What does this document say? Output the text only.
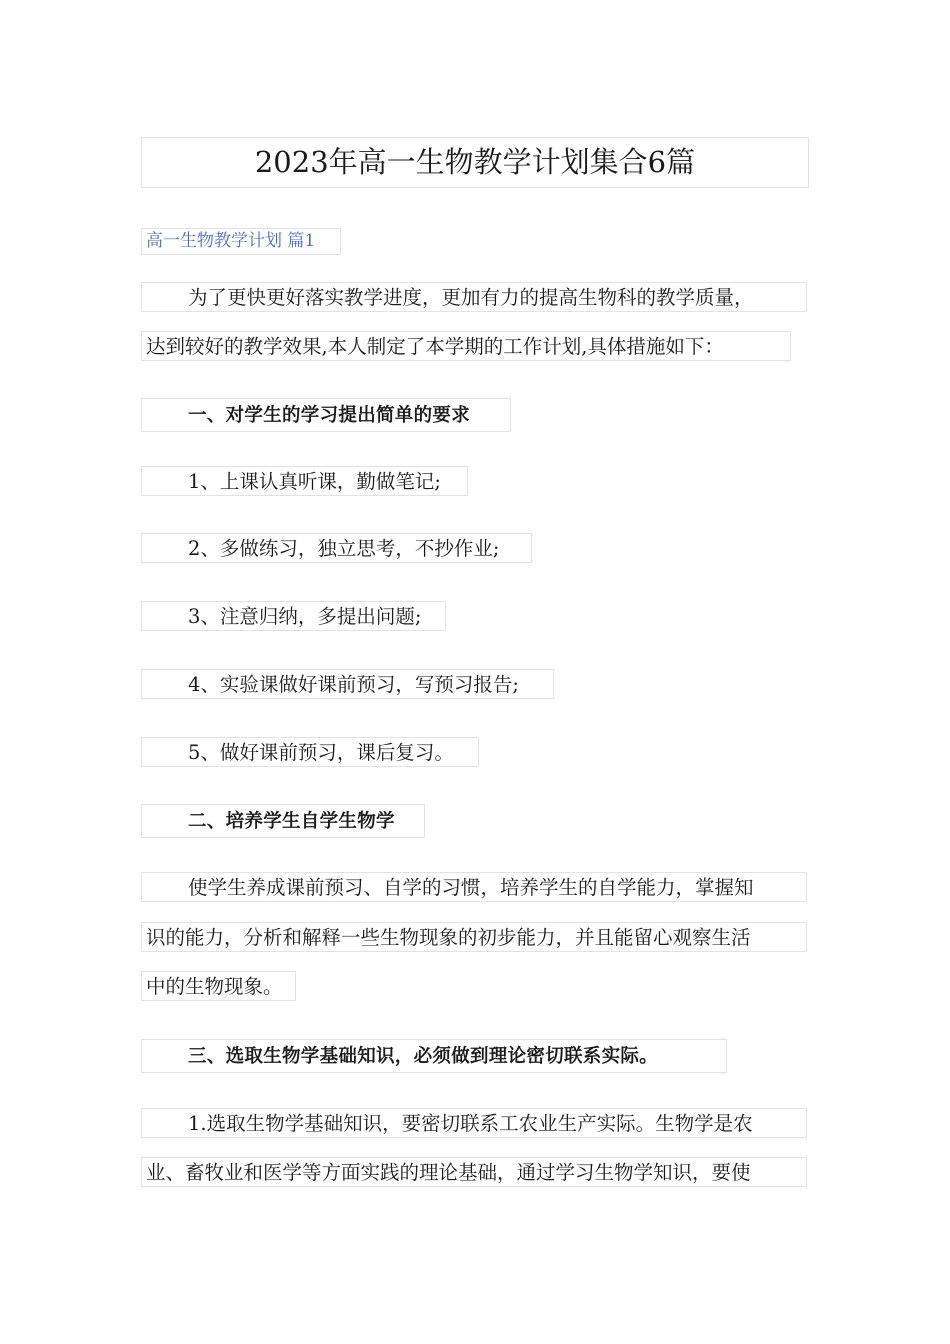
2023年高一生物教学计划集合6篇
高一生物教学计划 篇1
为了更快更好落实教学进度，更加有力的提高生物科的教学质量，
达到较好的教学效果,本人制定了本学期的工作计划,具体措施如下：
一、对学生的学习提出简单的要求
1、上课认真听课，勤做笔记;
2、多做练习，独立思考，不抄作业;
3、注意归纳，多提出问题;
4、实验课做好课前预习，写预习报告;
5、做好课前预习，课后复习。
二、培养学生自学生物学
使学生养成课前预习、自学的习惯，培养学生的自学能力，掌握知
识的能力，分析和解释一些生物现象的初步能力，并且能留心观察生活
中的生物现象。
三、选取生物学基础知识，必须做到理论密切联系实际。
1.选取生物学基础知识，要密切联系工农业生产实际。生物学是农
业、畜牧业和医学等方面实践的理论基础，通过学习生物学知识，要使
